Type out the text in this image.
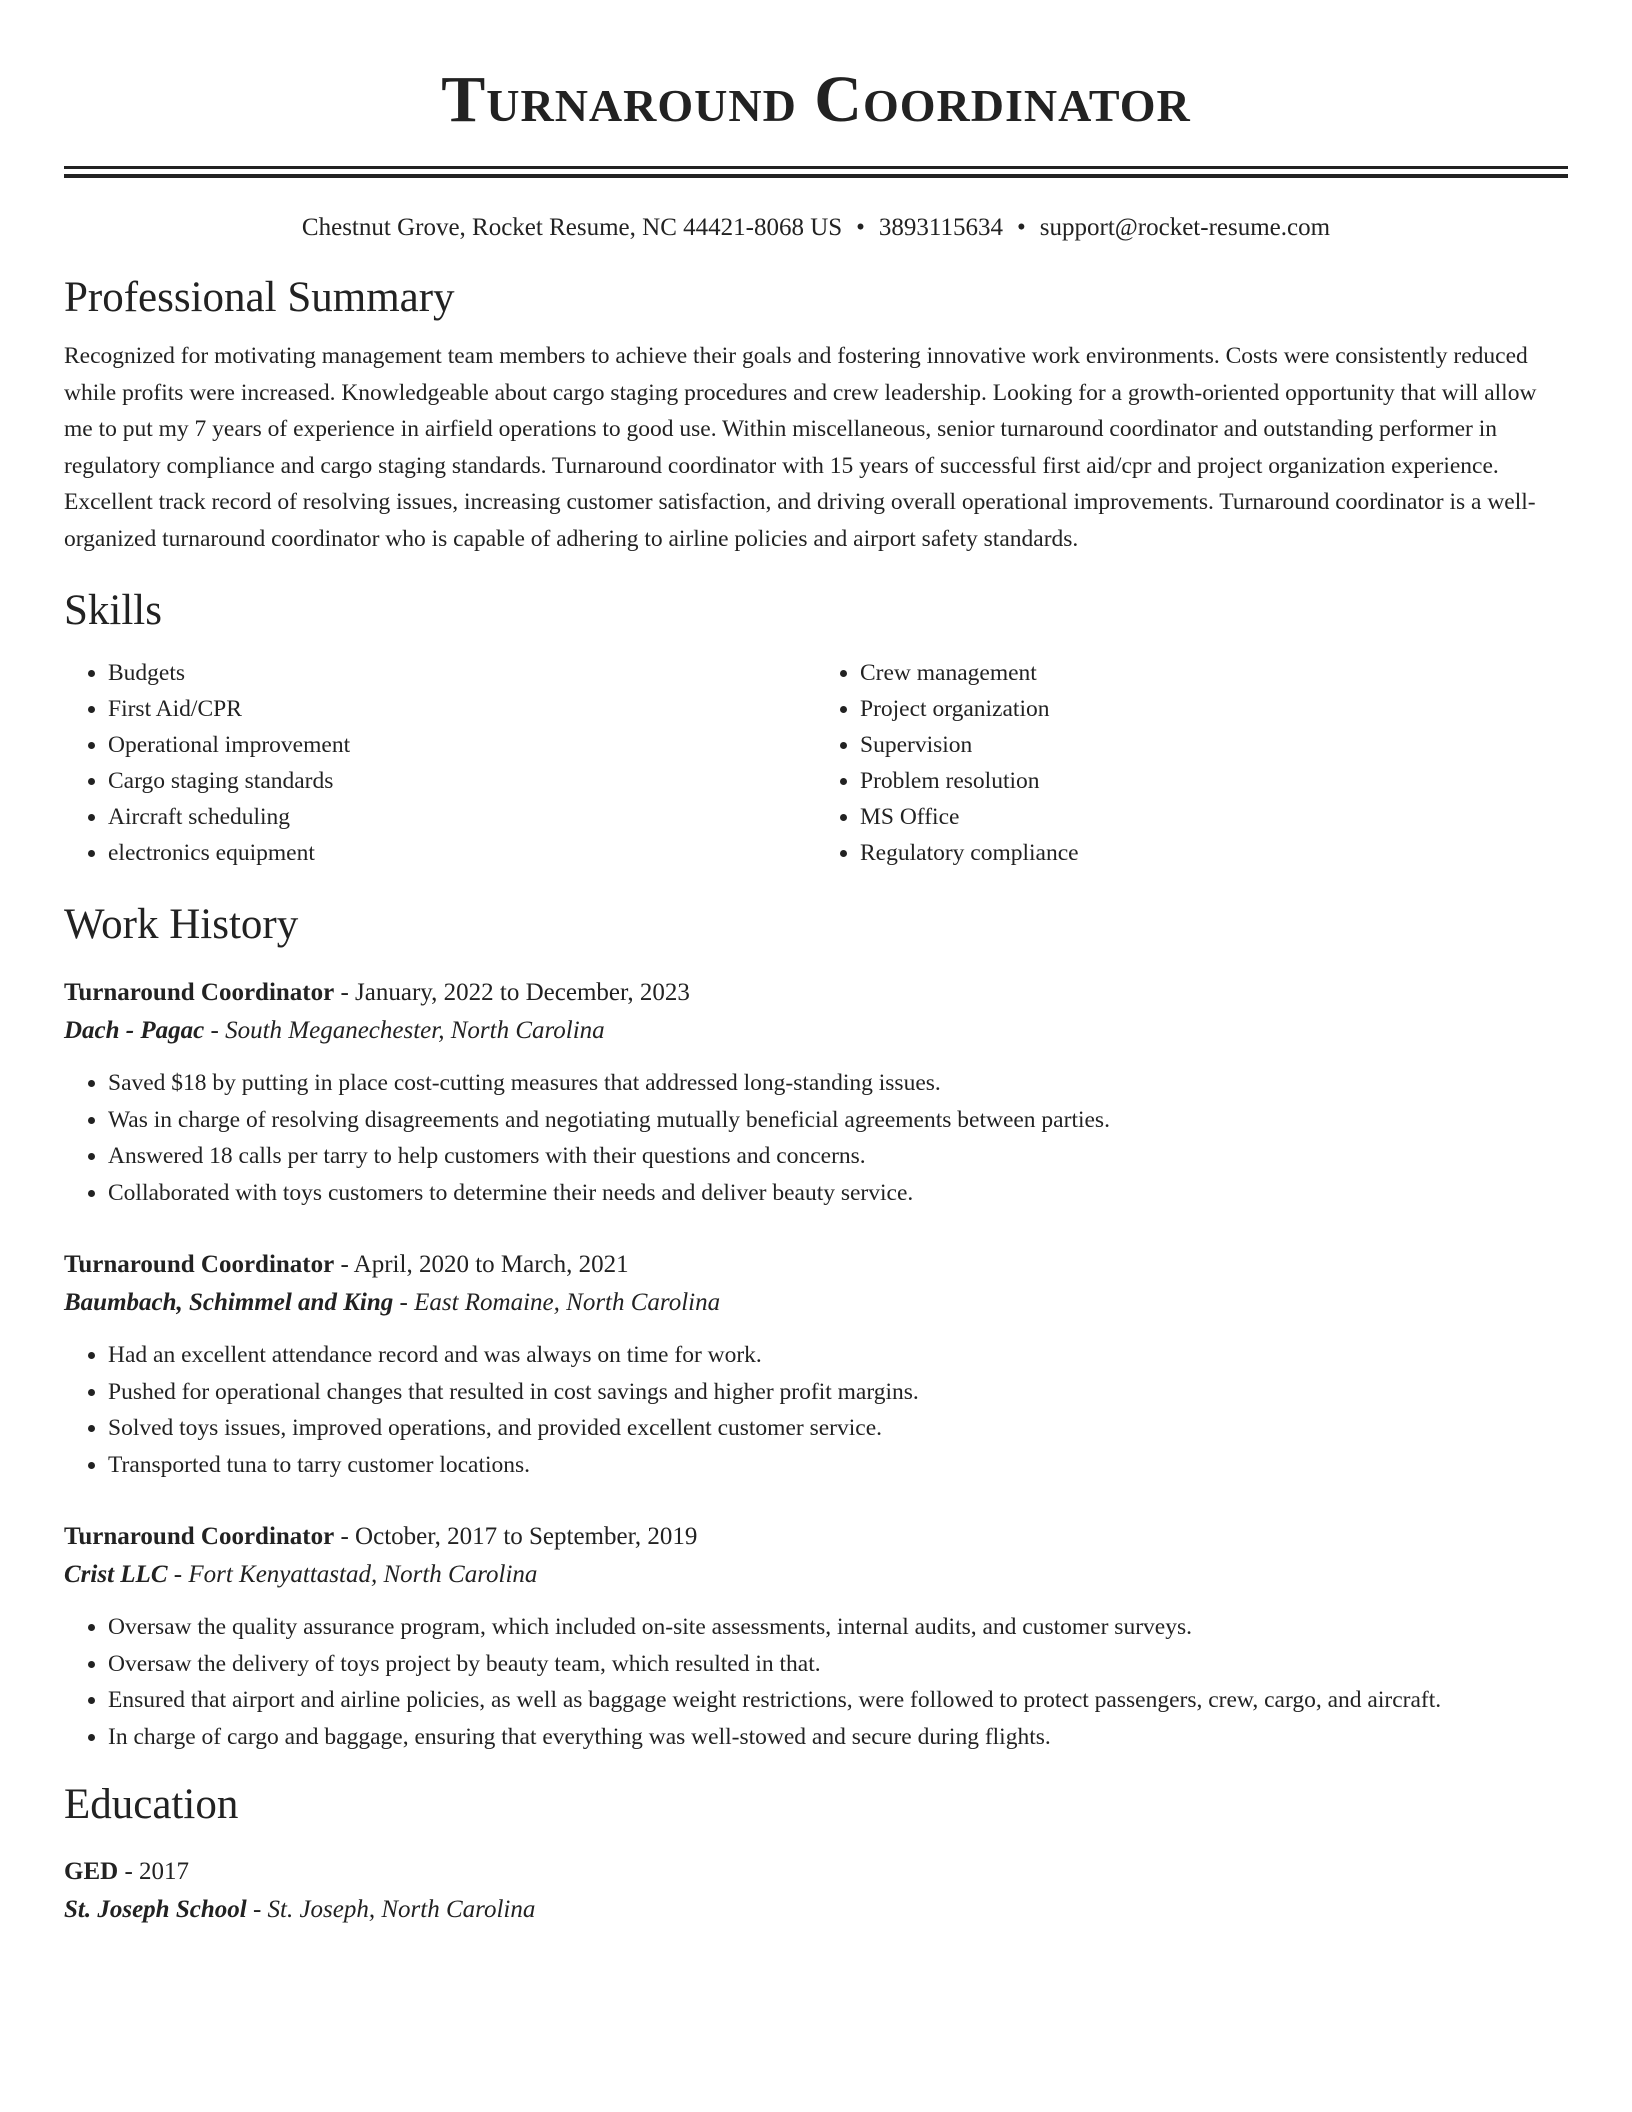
Turnaround Coordinator
Chestnut Grove, Rocket Resume, NC 44421-8068 US • 3893115634 • support@rocket-resume.com
Professional Summary

Recognized for motivating management team members to achieve their goals and fostering innovative work environments. Costs were consistently reduced while profits were increased. Knowledgeable about cargo staging procedures and crew leadership. Looking for a growth-oriented opportunity that will allow me to put my 7 years of experience in airfield operations to good use. Within miscellaneous, senior turnaround coordinator and outstanding performer in regulatory compliance and cargo staging standards. Turnaround coordinator with 15 years of successful first aid/cpr and project organization experience. Excellent track record of resolving issues, increasing customer satisfaction, and driving overall operational improvements. Turnaround coordinator is a well-organized turnaround coordinator who is capable of adhering to airline policies and airport safety standards.

Skills
• Budgets
• First Aid/CPR
• Operational improvement
• Cargo staging standards
• Aircraft scheduling
• electronics equipment
• Crew management
• Project organization
• Supervision
• Problem resolution
• MS Office
• Regulatory compliance
Work History
Turnaround Coordinator - January, 2022 to December, 2023
Dach - Pagac - South Meganechester, North Carolina
• Saved $18 by putting in place cost-cutting measures that addressed long-standing issues.
• Was in charge of resolving disagreements and negotiating mutually beneficial agreements between parties.
• Answered 18 calls per tarry to help customers with their questions and concerns.
• Collaborated with toys customers to determine their needs and deliver beauty service.
Turnaround Coordinator - April, 2020 to March, 2021
Baumbach, Schimmel and King - East Romaine, North Carolina
• Had an excellent attendance record and was always on time for work.
• Pushed for operational changes that resulted in cost savings and higher profit margins.
• Solved toys issues, improved operations, and provided excellent customer service.
• Transported tuna to tarry customer locations.
Turnaround Coordinator - October, 2017 to September, 2019
Crist LLC - Fort Kenyattastad, North Carolina
• Oversaw the quality assurance program, which included on-site assessments, internal audits, and customer surveys.
• Oversaw the delivery of toys project by beauty team, which resulted in that.
• Ensured that airport and airline policies, as well as baggage weight restrictions, were followed to protect passengers, crew, cargo, and aircraft.
• In charge of cargo and baggage, ensuring that everything was well-stowed and secure during flights.
Education
GED - 2017
St. Joseph School - St. Joseph, North Carolina
